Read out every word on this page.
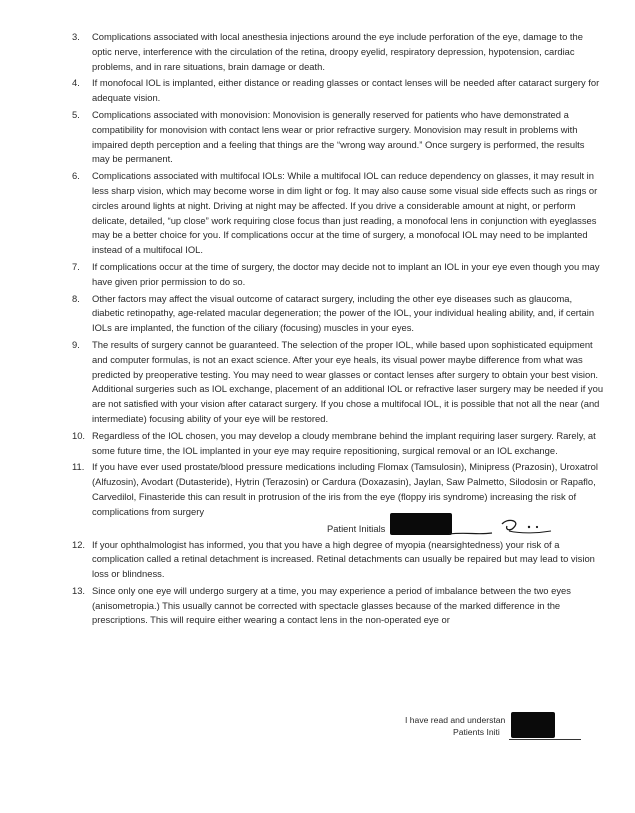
3. Complications associated with local anesthesia injections around the eye include perforation of the eye, damage to the optic nerve, interference with the circulation of the retina, droopy eyelid, respiratory depression, hypotension, cardiac problems, and in rare situations, brain damage or death.
4. If monofocal IOL is implanted, either distance or reading glasses or contact lenses will be needed after cataract surgery for adequate vision.
5. Complications associated with monovision: Monovision is generally reserved for patients who have demonstrated a compatibility for monovision with contact lens wear or prior refractive surgery. Monovision may result in problems with impaired depth perception and a feeling that things are the “wrong way around.” Once surgery is performed, the results may be permanent.
6. Complications associated with multifocal IOLs: While a multifocal IOL can reduce dependency on glasses, it may result in less sharp vision, which may become worse in dim light or fog. It may also cause some visual side effects such as rings or circles around lights at night. Driving at night may be affected. If you drive a considerable amount at night, or perform delicate, detailed, “up close” work requiring close focus than just reading, a monofocal lens in conjunction with eyeglasses may be a better choice for you. If complications occur at the time of surgery, a monofocal IOL may need to be implanted instead of a multifocal IOL.
7. If complications occur at the time of surgery, the doctor may decide not to implant an IOL in your eye even though you may have given prior permission to do so.
8. Other factors may affect the visual outcome of cataract surgery, including the other eye diseases such as glaucoma, diabetic retinopathy, age-related macular degeneration; the power of the IOL, your individual healing ability, and, if certain IOLs are implanted, the function of the ciliary (focusing) muscles in your eyes.
9. The results of surgery cannot be guaranteed. The selection of the proper IOL, while based upon sophisticated equipment and computer formulas, is not an exact science. After your eye heals, its visual power maybe difference from what was predicted by preoperative testing. You may need to wear glasses or contact lenses after surgery to obtain your best vision. Additional surgeries such as IOL exchange, placement of an additional IOL or refractive laser surgery may be needed if you are not satisfied with your vision after cataract surgery. If you chose a multifocal IOL, it is possible that not all the near (and intermediate) focusing ability of your eye will be restored.
10. Regardless of the IOL chosen, you may develop a cloudy membrane behind the implant requiring laser surgery. Rarely, at some future time, the IOL implanted in your eye may require repositioning, surgical removal or an IOL exchange.
11. If you have ever used prostate/blood pressure medications including Flomax (Tamsulosin), Minipress (Prazosin), Uroxatrol (Alfuzosin), Avodart (Dutasteride), Hytrin (Terazosin) or Cardura (Doxazasin), Jaylan, Saw Palmetto, Silodosin or Rapaflo, Carvedilol, Finasteride this can result in protrusion of the iris from the eye (floppy iris syndrome) increasing the risk of complications from surgery
Patient Initials
12. If your ophthalmologist has informed, you that you have a high degree of myopia (nearsightedness) your risk of a complication called a retinal detachment is increased. Retinal detachments can usually be repaired but may lead to vision loss or blindness.
13. Since only one eye will undergo surgery at a time, you may experience a period of imbalance between the two eyes (anisometropia.) This usually cannot be corrected with spectacle glasses because of the marked difference in the prescriptions. This will require either wearing a contact lens in the non-operated eye or
I have read and understan
Patients Initi
